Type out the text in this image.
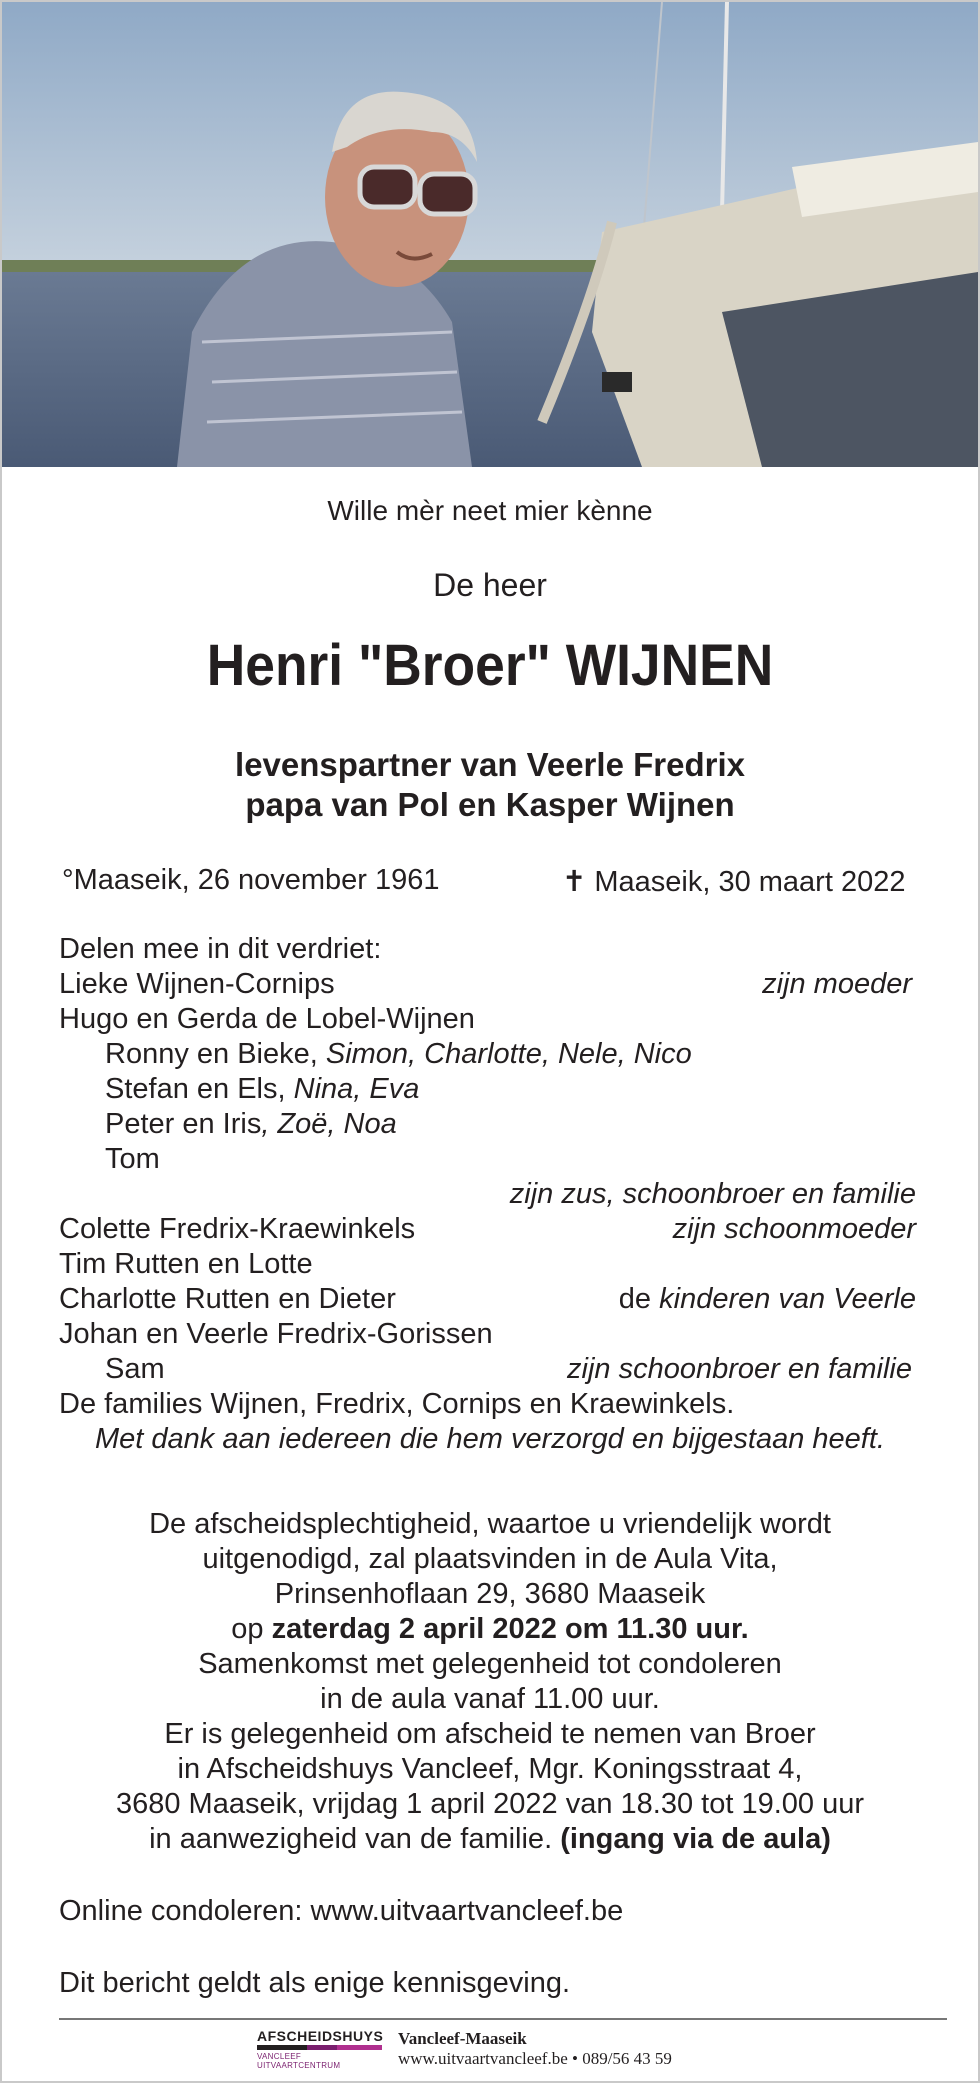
Wille mèr neet mier kènne
De heer
Henri "Broer" WIJNEN
levenspartner van Veerle Fredrix
papa van Pol en Kasper Wijnen
°Maaseik, 26 november 1961	✝ Maaseik, 30 maart 2022
Delen mee in dit verdriet:
Lieke Wijnen-Cornips	zijn moeder
Hugo en Gerda de Lobel-Wijnen
Ronny en Bieke, Simon, Charlotte, Nele, Nico
Stefan en Els, Nina, Eva
Peter en Iris, Zoë, Noa
Tom
zijn zus, schoonbroer en familie
Colette Fredrix-Kraewinkels	zijn schoonmoeder
Tim Rutten en Lotte
Charlotte Rutten en Dieter	de kinderen van Veerle
Johan en Veerle Fredrix-Gorissen
Sam	zijn schoonbroer en familie
De families Wijnen, Fredrix, Cornips en Kraewinkels.
Met dank aan iedereen die hem verzorgd en bijgestaan heeft.
De afscheidsplechtigheid, waartoe u vriendelijk wordt
uitgenodigd, zal plaatsvinden in de Aula Vita,
Prinsenhoflaan 29, 3680 Maaseik
op zaterdag 2 april 2022 om 11.30 uur.
Samenkomst met gelegenheid tot condoleren
in de aula vanaf 11.00 uur.
Er is gelegenheid om afscheid te nemen van Broer
in Afscheidshuys Vancleef, Mgr. Koningsstraat 4,
3680 Maaseik, vrijdag 1 april 2022 van 18.30 tot 19.00 uur
in aanwezigheid van de familie. (ingang via de aula)
Online condoleren: www.uitvaartvancleef.be
Dit bericht geldt als enige kennisgeving.
AFSCHEIDSHUYS
VANCLEEF UITVAARTCENTRUM
Vancleef-Maaseik
www.uitvaartvancleef.be • 089/56 43 59
